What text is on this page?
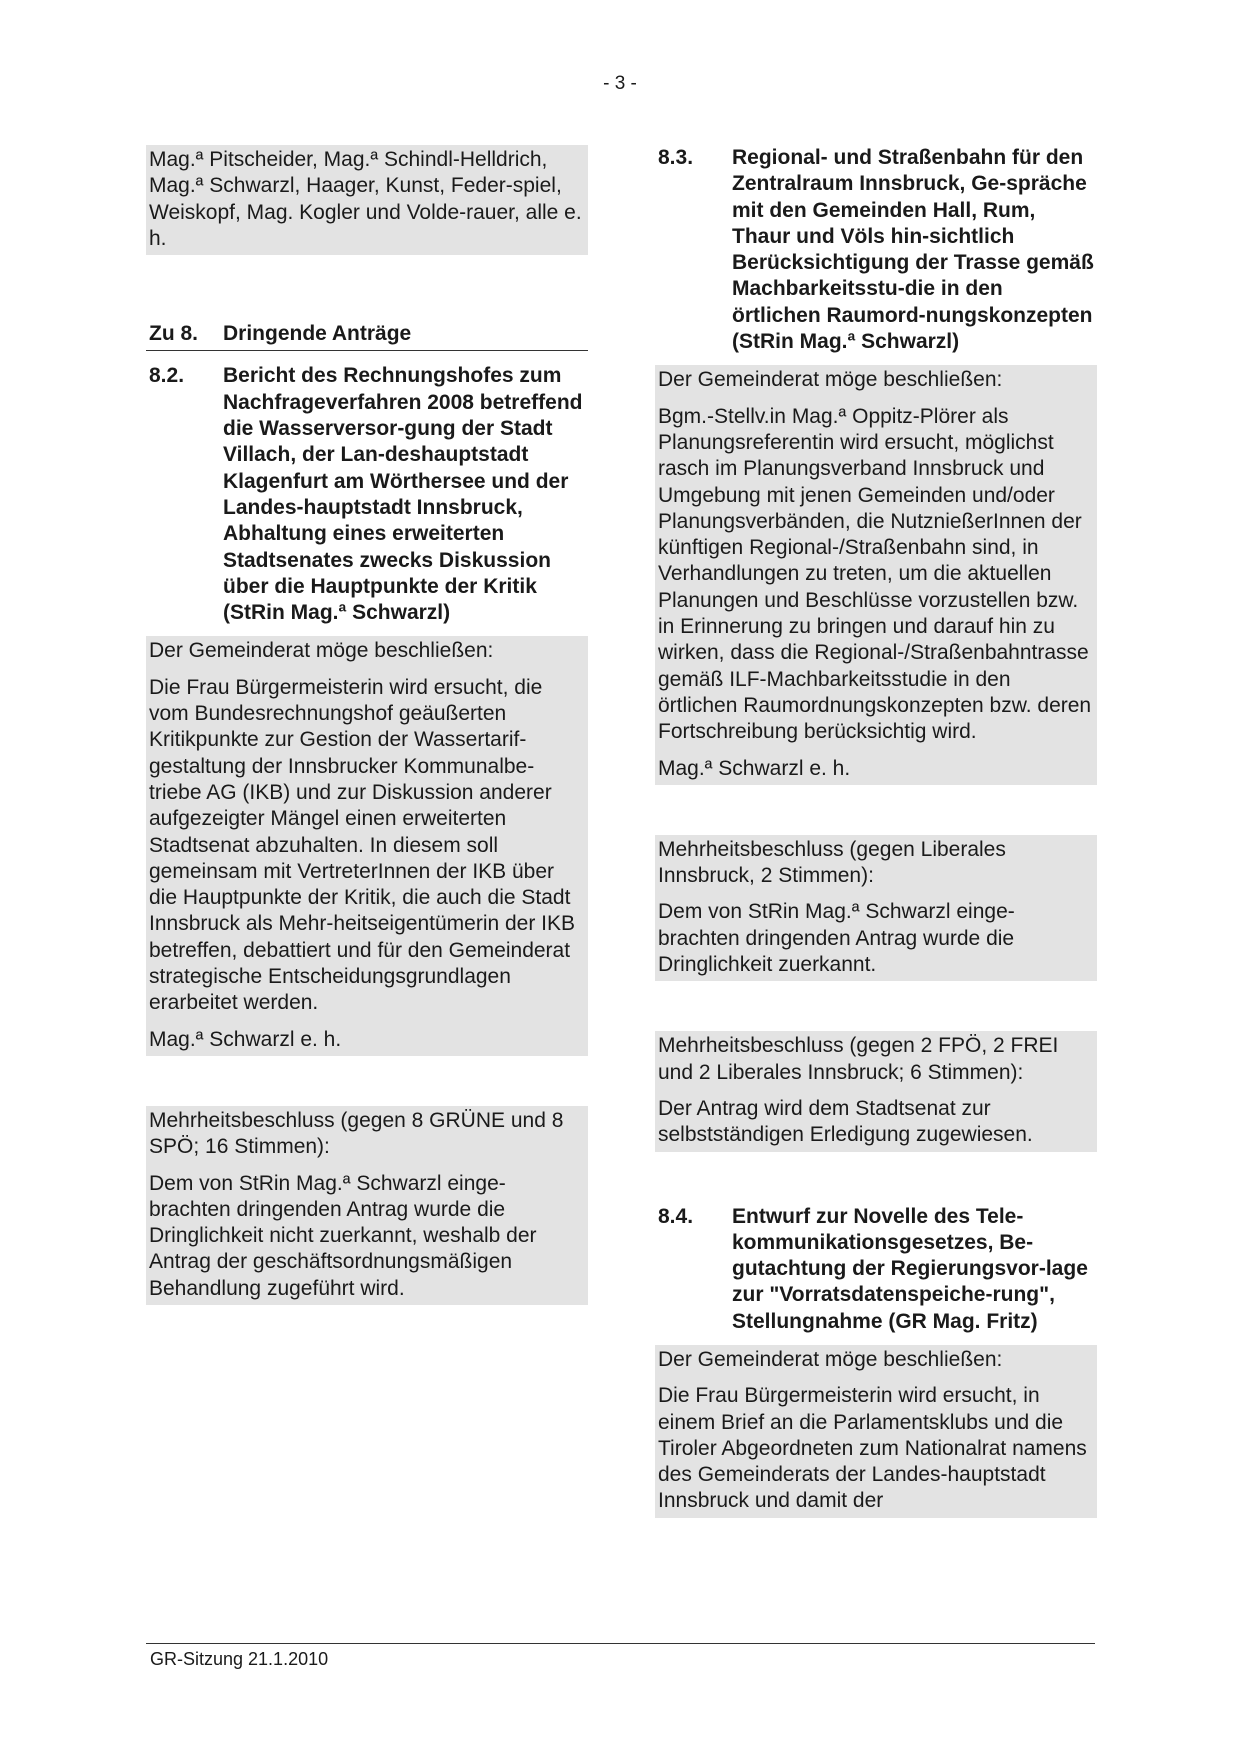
- 3 -

Mag.ª Pitscheider, Mag.ª Schindl-Helldrich, Mag.ª Schwarzl, Haager, Kunst, Feder-spiel, Weiskopf, Mag. Kogler und Volde-rauer, alle e. h.

Zu 8.	Dringende Anträge
8.2.	Bericht des Rechnungshofes zum Nachfrageverfahren 2008 betreffend die Wasserversor-gung der Stadt Villach, der Lan-deshauptstadt Klagenfurt am Wörthersee und der Landes-hauptstadt Innsbruck, Abhaltung eines erweiterten Stadtsenates zwecks Diskussion über die Hauptpunkte der Kritik
(StRin Mag.ª Schwarzl)

Der Gemeinderat möge beschließen:

Die Frau Bürgermeisterin wird ersucht, die vom Bundesrechnungshof geäußerten Kritikpunkte zur Gestion der Wassertarif-gestaltung der Innsbrucker Kommunalbe-triebe AG (IKB) und zur Diskussion anderer aufgezeigter Mängel einen erweiterten Stadtsenat abzuhalten. In diesem soll gemeinsam mit VertreterInnen der IKB über die Hauptpunkte der Kritik, die auch die Stadt Innsbruck als Mehr-heitseigentümerin der IKB betreffen, debattiert und für den Gemeinderat strategische Entscheidungsgrundlagen erarbeitet werden.

Mag.ª Schwarzl e. h.

Mehrheitsbeschluss (gegen 8 GRÜNE und 8 SPÖ; 16 Stimmen):

Dem von StRin Mag.ª Schwarzl einge-brachten dringenden Antrag wurde die Dringlichkeit nicht zuerkannt, weshalb der Antrag der geschäftsordnungsmäßigen Behandlung zugeführt wird.

8.3.	Regional- und Straßenbahn für den Zentralraum Innsbruck, Ge-spräche mit den Gemeinden Hall, Rum, Thaur und Völs hin-sichtlich Berücksichtigung der Trasse gemäß Machbarkeitsstu-die in den örtlichen Raumord-nungskonzepten
(StRin Mag.ª Schwarzl)

Der Gemeinderat möge beschließen:

Bgm.-Stellv.in Mag.ª Oppitz-Plörer als Planungsreferentin wird ersucht, möglichst rasch im Planungsverband Innsbruck und Umgebung mit jenen Gemeinden und/oder Planungsverbänden, die NutznießerInnen der künftigen Regional-/Straßenbahn sind, in Verhandlungen zu treten, um die aktuellen Planungen und Beschlüsse vorzustellen bzw. in Erinnerung zu bringen und darauf hin zu wirken, dass die Regional-/Straßenbahntrasse gemäß ILF-Machbarkeitsstudie in den örtlichen Raumordnungskonzepten bzw. deren Fortschreibung berücksichtig wird.

Mag.ª Schwarzl e. h.

Mehrheitsbeschluss (gegen Liberales Innsbruck, 2 Stimmen):

Dem von StRin Mag.ª Schwarzl einge-brachten dringenden Antrag wurde die Dringlichkeit zuerkannt.

Mehrheitsbeschluss (gegen 2 FPÖ, 2 FREI und 2 Liberales Innsbruck; 6 Stimmen):

Der Antrag wird dem Stadtsenat zur selbstständigen Erledigung zugewiesen.

8.4.	Entwurf zur Novelle des Tele-kommunikationsgesetzes, Be-gutachtung der Regierungsvor-lage zur "Vorratsdatenspeiche-rung", Stellungnahme (GR Mag. Fritz)

Der Gemeinderat möge beschließen:

Die Frau Bürgermeisterin wird ersucht, in einem Brief an die Parlamentsklubs und die Tiroler Abgeordneten zum Nationalrat namens des Gemeinderats der Landes-hauptstadt Innsbruck und damit der

GR-Sitzung 21.1.2010
